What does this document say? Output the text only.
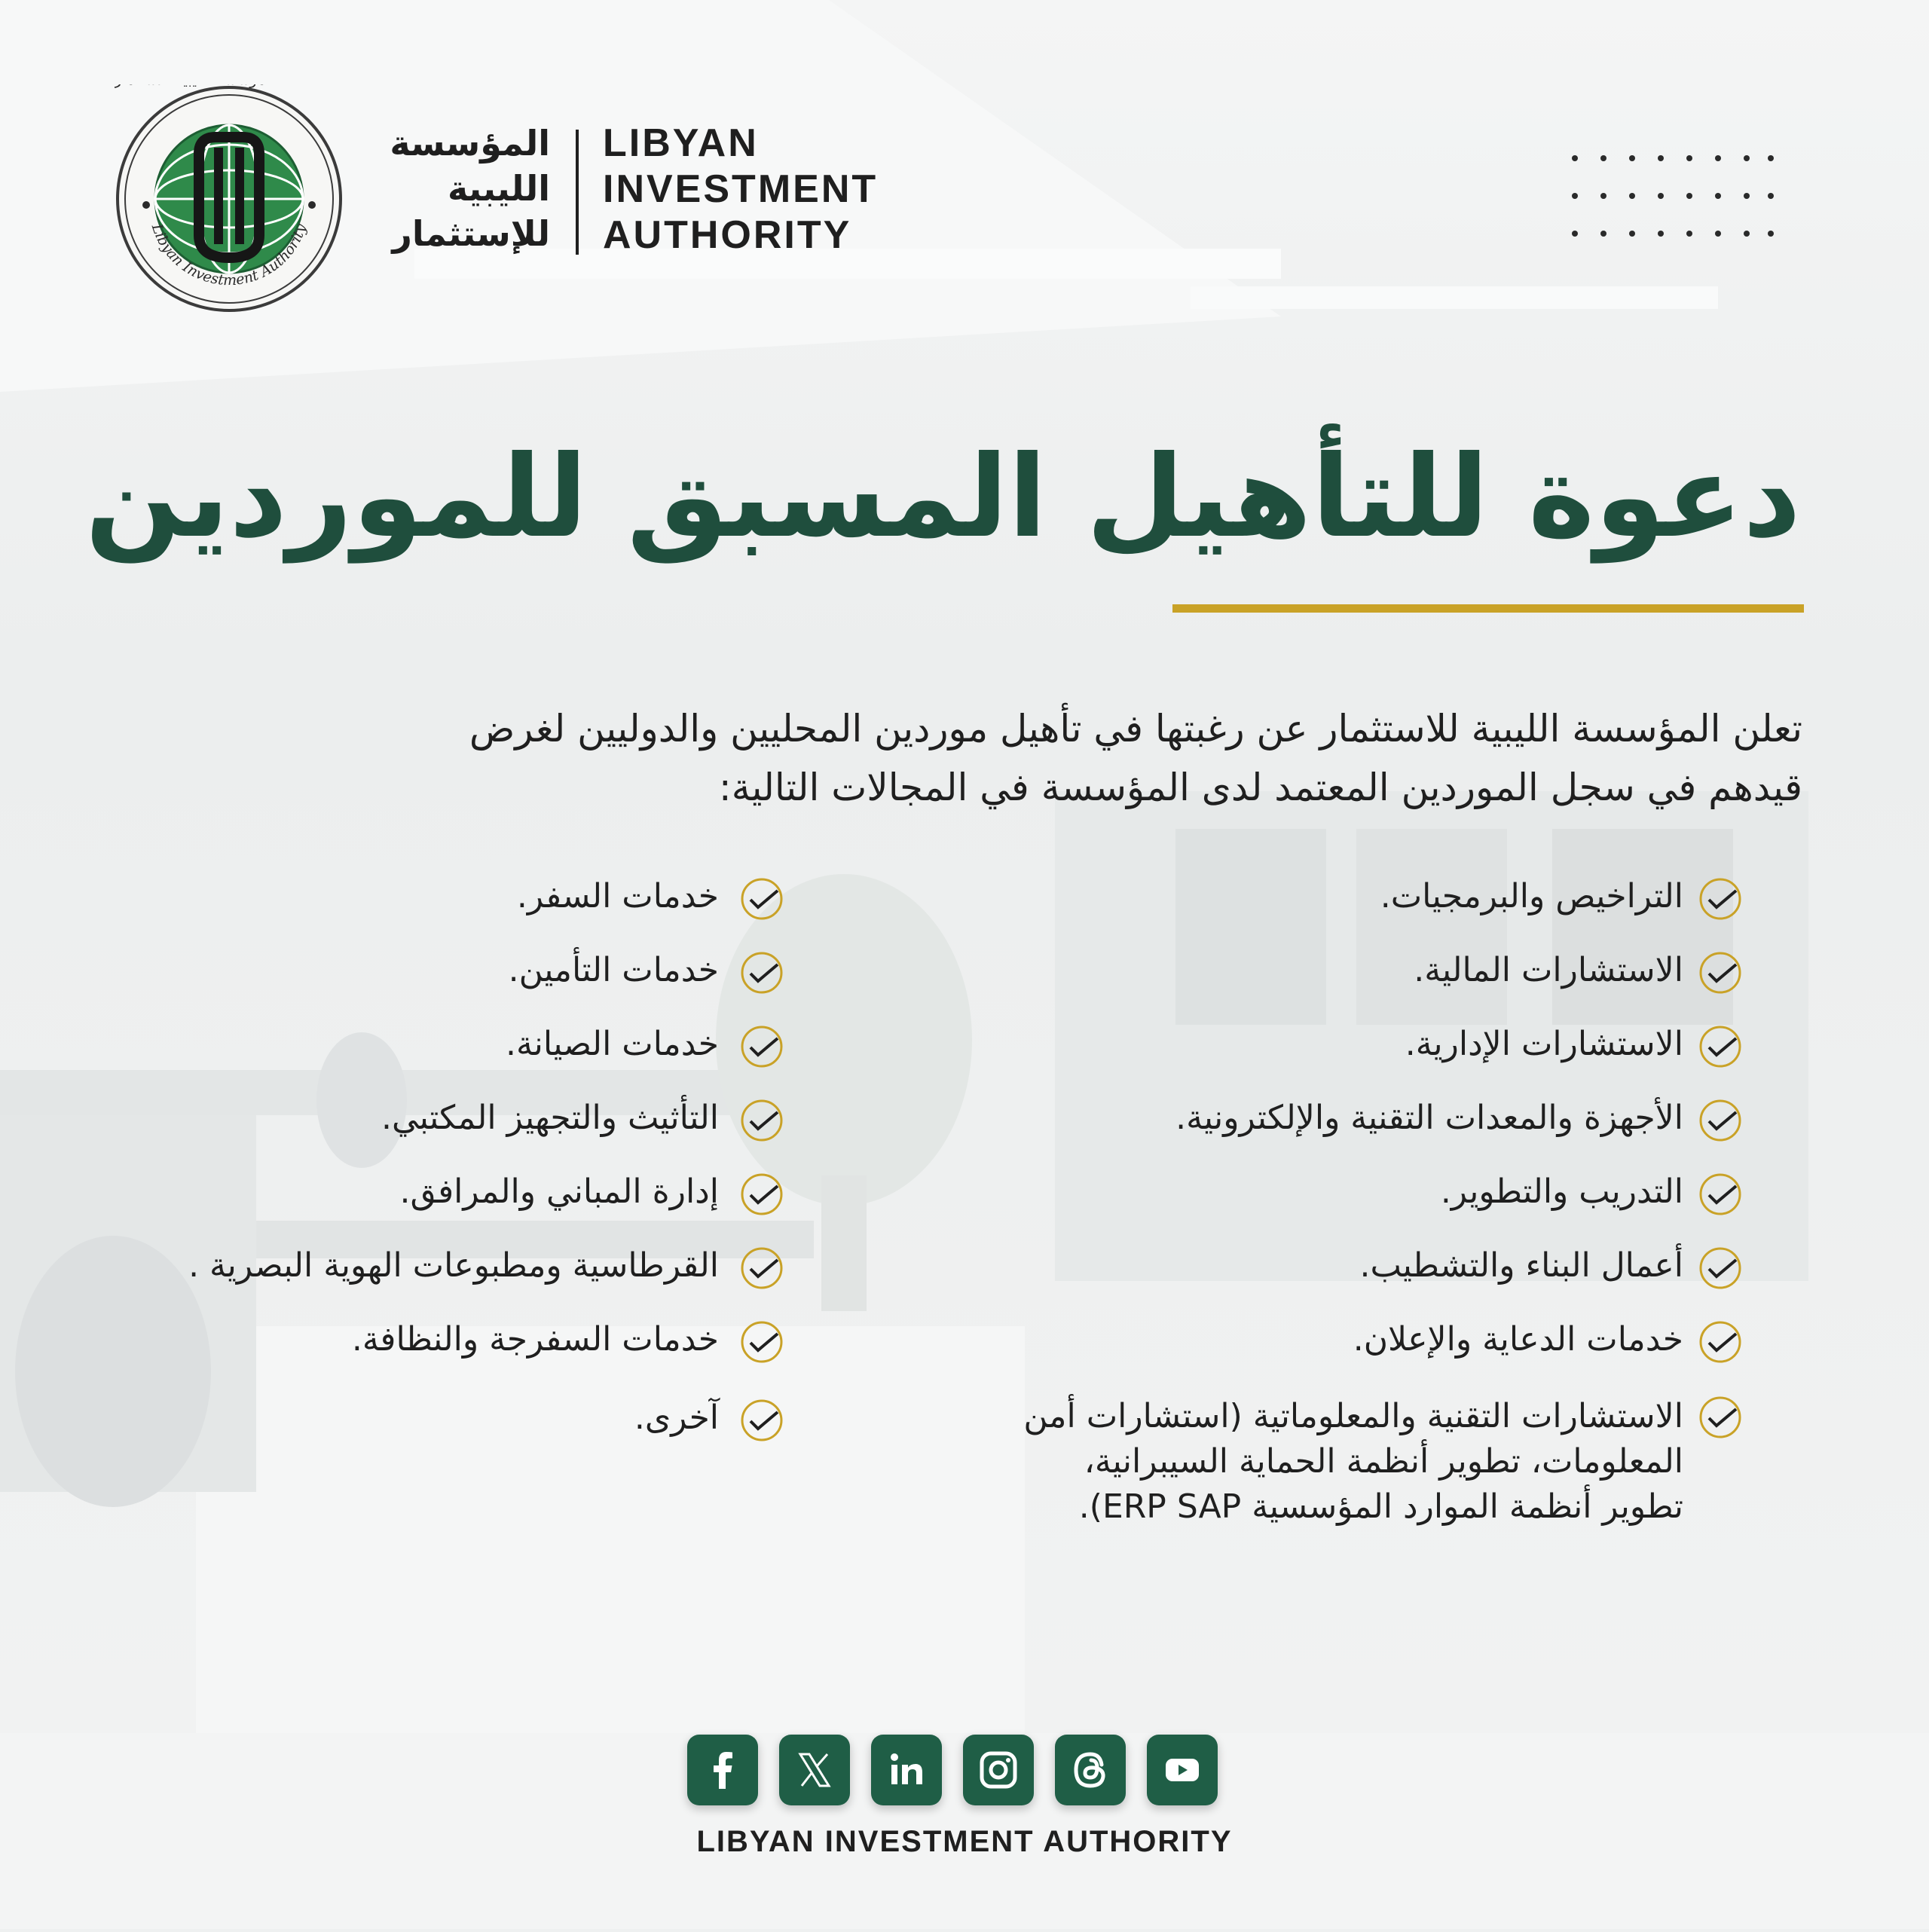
Libyan Investment Authority
المؤسسة
الليبية
للإستثمار
LIBYAN
INVESTMENT
AUTHORITY
دعوة للتأهيل المسبق للموردين
تعلن المؤسسة الليبية للاستثمار عن رغبتها في تأهيل موردين المحليين والدوليين لغرض
قيدهم في سجل الموردين المعتمد لدى المؤسسة في المجالات التالية:
التراخيص والبرمجيات.
الاستشارات المالية.
الاستشارات الإدارية.
الأجهزة والمعدات التقنية والإلكترونية.
التدريب والتطوير.
أعمال البناء والتشطيب.
خدمات الدعاية والإعلان.
الاستشارات التقنية والمعلوماتية (استشارات أمن
المعلومات، تطوير أنظمة الحماية السيبرانية،
تطوير أنظمة الموارد المؤسسية ERP SAP).
خدمات السفر.
خدمات التأمين.
خدمات الصيانة.
التأثيث والتجهيز المكتبي.
إدارة المباني والمرافق.
القرطاسية ومطبوعات الهوية البصرية .
خدمات السفرجة والنظافة.
آخرى.
LIBYAN INVESTMENT AUTHORITY
